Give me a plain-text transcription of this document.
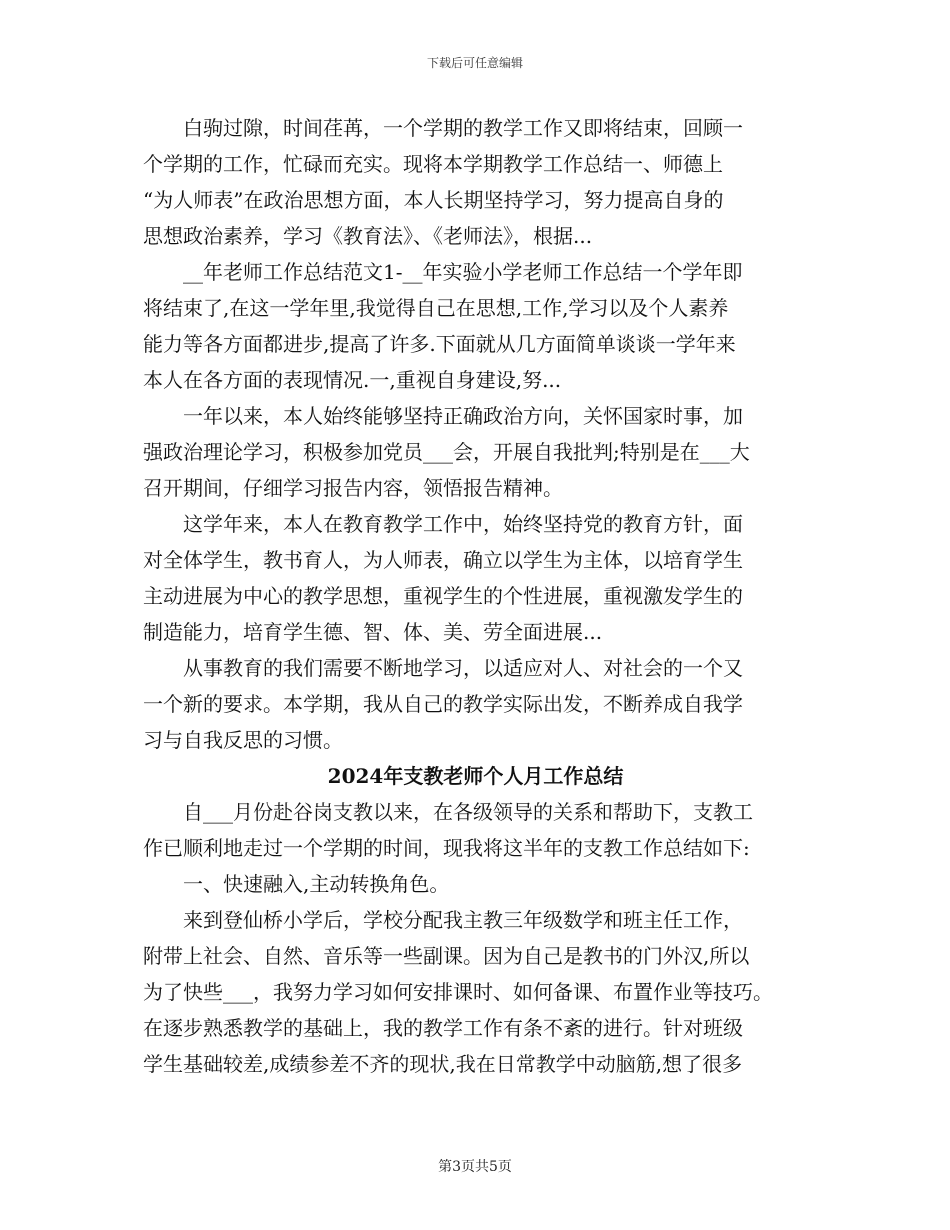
下载后可任意编辑

白驹过隙，时间荏苒，一个学期的教学工作又即将结束，回顾一
个学期的工作，忙碌而充实。现将本学期教学工作总结一、师德上
“为人师表”在政治思想方面，本人长期坚持学习，努力提高自身的
思想政治素养，学习《教育法》、《老师法》，根据...

__年老师工作总结范文1-__年实验小学老师工作总结一个学年即
将结束了,在这一学年里,我觉得自己在思想,工作,学习以及个人素养
能力等各方面都进步,提高了许多.下面就从几方面简单谈谈一学年来
本人在各方面的表现情况.一,重视自身建设,努...

一年以来，本人始终能够坚持正确政治方向，关怀国家时事，加
强政治理论学习，积极参加党员___会，开展自我批判;特别是在___大
召开期间，仔细学习报告内容，领悟报告精神。

这学年来，本人在教育教学工作中，始终坚持党的教育方针，面
对全体学生，教书育人，为人师表，确立以学生为主体，以培育学生
主动进展为中心的教学思想，重视学生的个性进展，重视激发学生的
制造能力，培育学生德、智、体、美、劳全面进展...

从事教育的我们需要不断地学习，以适应对人、对社会的一个又
一个新的要求。本学期，我从自己的教学实际出发，不断养成自我学
习与自我反思的习惯。

2024年支教老师个人月工作总结

自___月份赴谷岗支教以来，在各级领导的关系和帮助下，支教工
作已顺利地走过一个学期的时间，现我将这半年的支教工作总结如下:

一、快速融入,主动转换角色。

来到登仙桥小学后，学校分配我主教三年级数学和班主任工作，
附带上社会、自然、音乐等一些副课。因为自己是教书的门外汉,所以
为了快些___，我努力学习如何安排课时、如何备课、布置作业等技巧。
在逐步熟悉教学的基础上，我的教学工作有条不紊的进行。针对班级
学生基础较差,成绩参差不齐的现状,我在日常教学中动脑筋,想了很多

第3页共5页
